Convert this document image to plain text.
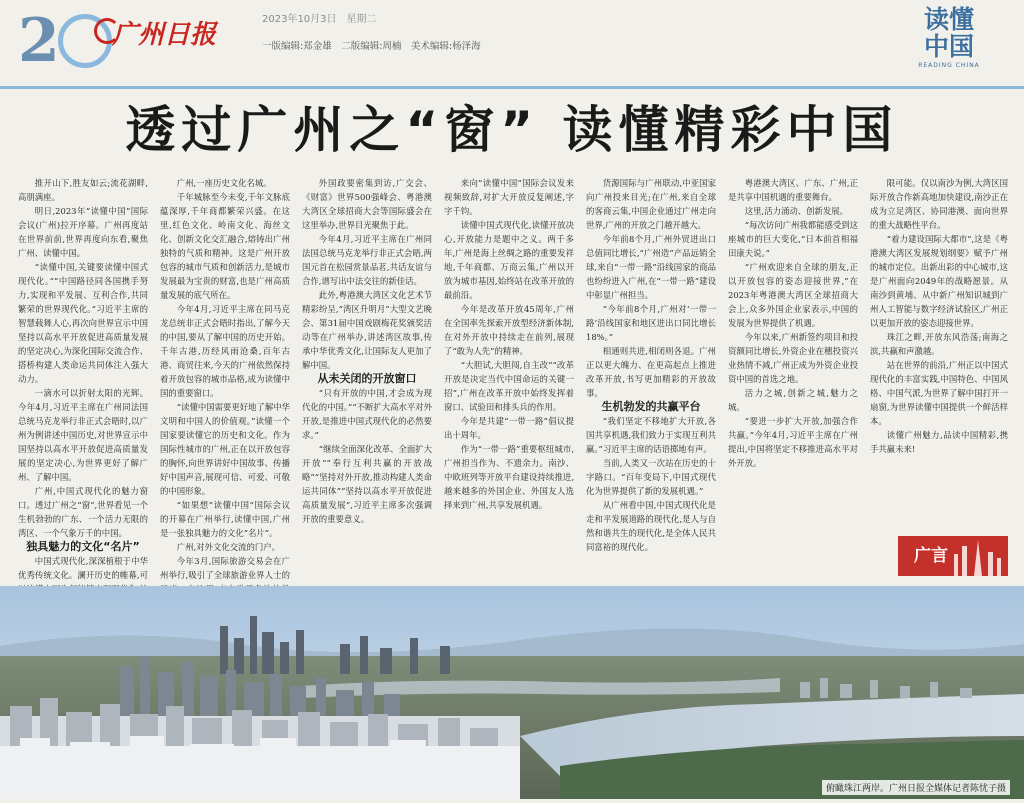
2 广州日报
2023年10月3日　星期二
一版编辑:郑金雄　二版编辑:周楠　美术编辑:杨泽海
读懂
中国
READING CHINA
透过广州之“窗” 读懂精彩中国

推开山下,胜友如云;流花湖畔,高朋满座。

明日,2023年“读懂中国”国际会议(广州)拉开序幕。广州再度站在世界前前,世界再度向东看,聚焦广州、读懂中国。

“读懂中国,关键要读懂中国式现代化。”“中国路径同各国携手努力,实现和平发展、互利合作,共同繁荣的世界现代化。”习近平主席的智慧载舞人心,再次向世界宣示中国坚持以高水平开放促进高质量发展的坚定决心,为深化国际交流合作、搭桥构建人类命运共同体注入强大动力。

一滴水可以折射太阳的光辉。今年4月,习近平主席在广州同法国总统马克龙举行非正式会晤时,以广州为例讲述中国历史,对世界宣示中国坚持以高水平开放促进高质量发展的坚定决心,为世界更好了解广州、了解中国。

广州,中国式现代化的魅力窗口。透过广州之“窗”,世界看见一个生机勃勃的广东、一个活力无限的湾区、一个气象万千的中国。

独具魅力的文化“名片”

中国式现代化,深深植根于中华优秀传统文化。澜开历史的帷幕,可

广州,一座历史文化名城。

千年城脉至今未变,千年文脉底蕴深厚,千年商都繁荣兴盛。在这里,红色文化、岭南文化、海丝文化、创新文化交汇融合,熔铸出广州独特的气质和精神。这是广州开放包容的城市气质和创新活力,是城市发展最为宝贵的财富,也是广州高质量发展的底气所在。

今年4月,习近平主席在同马克龙总统非正式会晤时指出,了解今天的中国,要从了解中国的历史开始。千年古港,历经风雨沧桑,百年古港、商贸往来,今天的广州依然保持着开放包容的城市品格,成为读懂中国的重要窗口。

“读懂中国需要更好地了解中华文明和中国人的价值观。”读懂一个国家要读懂它的历史和文化。作为国际性城市的广州,正在以开放包容的胸怀,向世界讲好中国故事、传播好中国声音,展现可信、可爱、可敬的中国形象。

“如果想”读懂中国”国际会议的开幕在广州举行,读懂中国,广州是一张独具魅力的文化“名片”。

广州,对外文化交流的门户。

今年3月,国际旅游交易会在广州举行,吸引了全球旅游业界人士的

外国政要密集到访,广交会、《财富》世界500强峰会、粤港澳大湾区全球招商大会等国际盛会在这里举办,世界目光聚焦于此。

今年4月,习近平主席在广州同法国总统马克龙举行非正式会晤,两国元首在松园赏景品茗,共话友谊与合作,谱写出中法交往的新佳话。

此外,粤港澳大湾区文化艺术节精彩纷呈,“湾区升明月”大型文艺晚会、第31届中国戏剧梅花奖颁奖活动等在广州举办,讲述湾区故事,传承中华优秀文化,让国际友人更加了解中国。

从未关闭的开放窗口

“只有开放的中国,才会成为现代化的中国。”“不断扩大高水平对外开放,是推进中国式现代化的必然要求。”

“继续全面深化改革、全面扩大开放”“奉行互利共赢的开放战略”“坚持对外开放,推动构建人类命运共同体”“坚持以高水平开放促进高质量发展”,习近平主席多次强调开放的重要意义。

来向”读懂中国”国际会议发来视频致辞,对扩大开放反复阐述,字字千钧。

读懂中国式现代化,读懂开放决心,开放能力是题中之义。两千多年,广州是海上丝绸之路的重要发祥地,千年商都、万商云集,广州以开放为城市基因,始终站在改革开放的最前沿。

今年是改革开放45周年,广州在全国率先探索开放型经济新体制,在对外开放中持续走在前列,展现了“敢为人先”的精神。

“大胆试,大胆闯,自主改”“改革开放是决定当代中国命运的关键一招”,广州在改革开放中始终发挥着窗口、试验田和排头兵的作用。

今年是共建“一带一路”倡议提出十周年。

作为“一带一路”重要枢纽城市,广州担当作为、不遗余力。南沙、中欧班列等开放平台建设持续推进,越来越多的外国企业、外国友人选择来到广州,共享发展机遇。

货源国际与广州联动,中亚国家向广州投来目光;在广州,来自全球的客商云集,中国企业通过广州走向世界,广州的开放之门越开越大。

今年前8个月,广州外贸进出口总值同比增长,“广州造”产品远销全球,来自“一带一路”沿线国家的商品也纷纷进入广州,在“一带一路”建设中彰显广州担当。

“今年前8个月,广州对‘一带一路’沿线国家和地区进出口同比增长18%。”

相通则共进,相闭则各退。广州正以更大魄力、在更高起点上推进改革开放,书写更加精彩的开放故事。

生机勃发的共赢平台

“我们坚定不移地扩大开放,各国共享机遇,我们致力于实现互利共赢。”习近平主席的话语掷地有声。

当前,人类又一次站在历史的十字路口。“百年变局下,中国式现代化为世界提供了新的发展机遇。”

从广州看中国,中国式现代化是走和平发展道路的现代化,是人与自然和谐共生的现代化,是全体人民共同富裕的现代化。

粤港澳大湾区、广东、广州,正是共享中国机遇的重要舞台。

这里,活力涌动、创新发展。

“每次访问广州我都能感受到这座城市的巨大变化,“日本前首相福田康夫说。”

“广州欢迎来自全球的朋友,正以开放包容的姿态迎接世界,”在2023年粤港澳大湾区全球招商大会上,众多外国企业家表示,中国的发展为世界提供了机遇。

今年以来,广州新签约项目和投资额同比增长,外资企业在穗投资兴业热情不减,广州正成为外资企业投资中国的首选之地。

活力之城,创新之城,魅力之城。

“要进一步扩大开放,加强合作共赢。”今年4月,习近平主席在广州提出,中国将坚定不移推进高水平对外开放。

限可能。仅以南沙为例,大湾区国际开放合作新高地加快建设,南沙正在成为立足湾区、协同港澳、面向世界的重大战略性平台。

“着力建设国际大都市”,这是《粤港澳大湾区发展规划纲要》赋予广州的城市定位。出新出彩的中心城市,这是广州面向2049年的战略愿景。从南沙到黄埔、从中新广州知识城到广州人工智能与数字经济试验区,广州正以更加开放的姿态迎接世界。

珠江之畔,开放东风浩荡;南海之滨,共赢和声激越。

站在世界的前沿,广州正以中国式现代化的丰富实践,中国特色、中国风格、中国气派,为世界了解中国打开一扇窗,为世界读懂中国提供一个鲜活样本。

读懂广州魅力,品读中国精彩,携手共赢未来!

广言
俯瞰珠江两岸。广州日报全媒体记者陈忧子摄
